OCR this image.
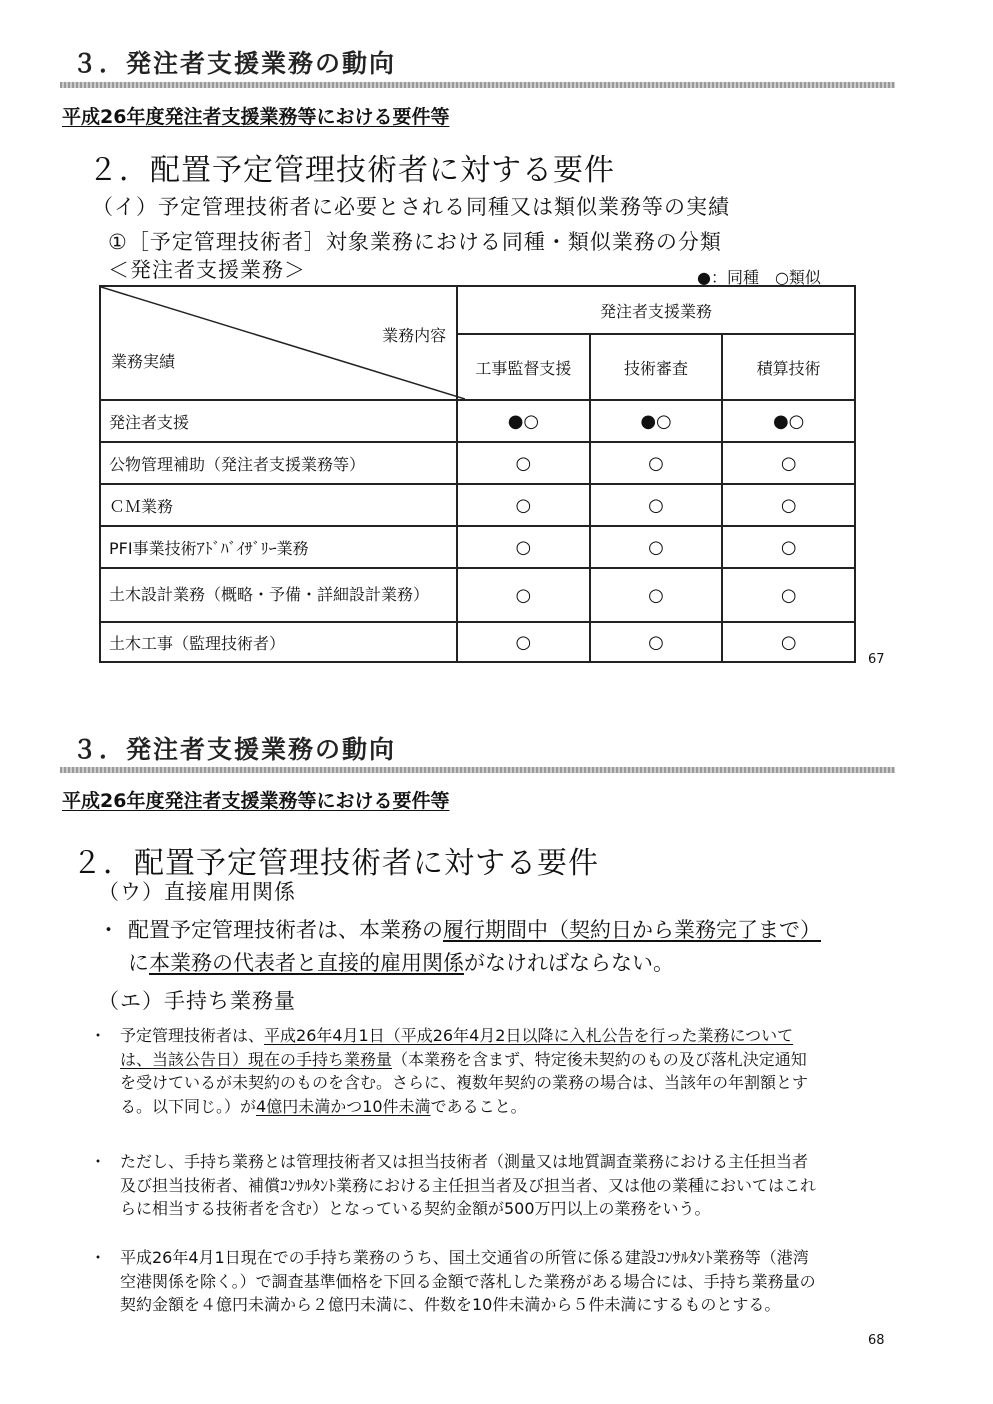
３．発注者支援業務の動向
平成26年度発注者支援業務等における要件等
２．配置予定管理技術者に対する要件
（イ）予定管理技術者に必要とされる同種又は類似業務等の実績
①［予定管理技術者］対象業務における同種・類似業務の分類
＜発注者支援業務＞	●：同種　○類似
業務内容
業務実績	発注者支援業務		
	工事監督支援	技術審査	積算技術
発注者支援	●○	●○	●○
公物管理補助（発注者支援業務等）	○	○	○
ＣＭ業務	○	○	○
PFI事業技術ｱﾄﾞﾊﾞｲｻﾞﾘｰ業務	○	○	○
土木設計業務（概略・予備・詳細設計業務）	○	○	○
土木工事（監理技術者）	○	○	○
67
３．発注者支援業務の動向
平成26年度発注者支援業務等における要件等
２．配置予定管理技術者に対する要件
（ウ）直接雇用関係
・ 配置予定管理技術者は、本業務の履行期間中（契約日から業務完了まで）に本業務の代表者と直接的雇用関係がなければならない。
（エ）手持ち業務量
・ 予定管理技術者は、平成26年4月1日（平成26年4月2日以降に入札公告を行った業務については、当該公告日）現在の手持ち業務量（本業務を含まず、特定後未契約のもの及び落札決定通知を受けているが未契約のものを含む。さらに、複数年契約の業務の場合は、当該年の年割額とする。以下同じ。）が4億円未満かつ10件未満であること。
・ ただし、手持ち業務とは管理技術者又は担当技術者（測量又は地質調査業務における主任担当者及び担当技術者、補償ｺﾝｻﾙﾀﾝﾄ業務における主任担当者及び担当者、又は他の業種においてはこれらに相当する技術者を含む）となっている契約金額が500万円以上の業務をいう。
・ 平成26年4月1日現在での手持ち業務のうち、国土交通省の所管に係る建設ｺﾝｻﾙﾀﾝﾄ業務等（港湾空港関係を除く。）で調査基準価格を下回る金額で落札した業務がある場合には、手持ち業務量の契約金額を４億円未満から２億円未満に、件数を10件未満から５件未満にするものとする。
68
